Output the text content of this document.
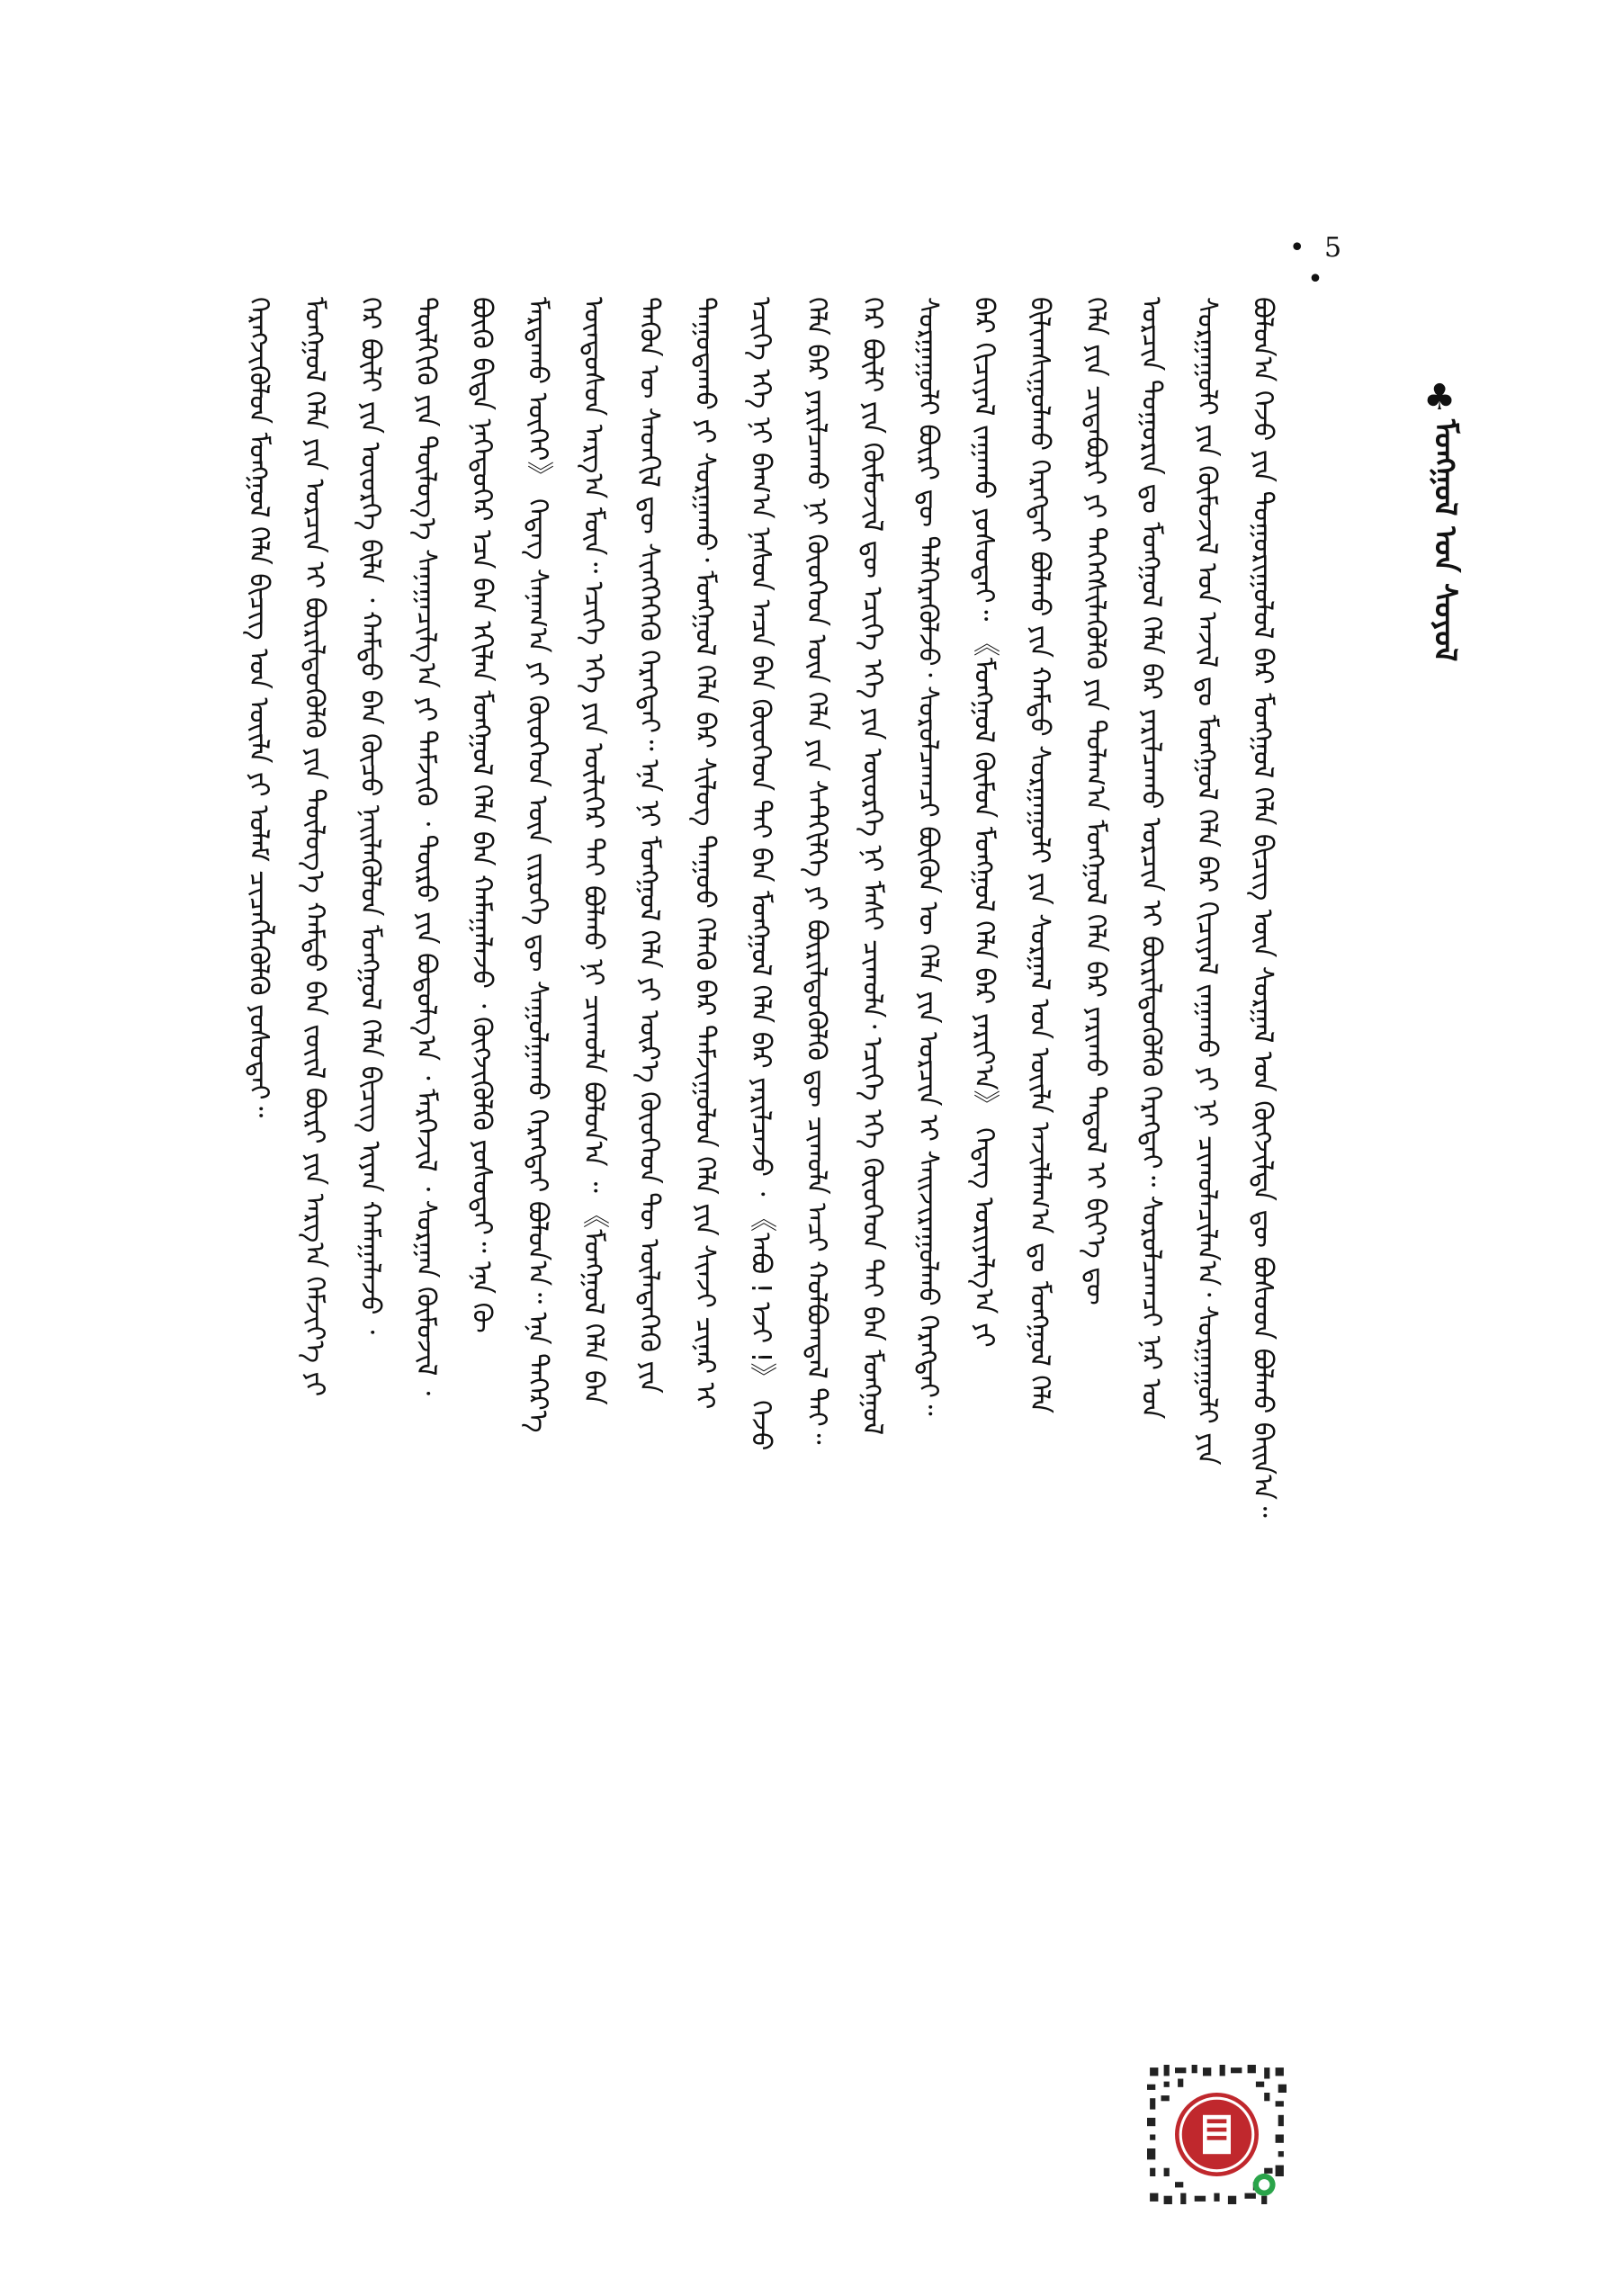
• 5 •
♣
ᠮᠣᠩᠭᠣᠯ ᠤᠨ ᠰᠣᠶᠣᠯ
ᠪᠣᠯᠤᠨ᠎ᠠ ᠭᠡᠵᠦ ᠶᠢᠨ ᠲᠣᠭᠣᠷᠢᠭᠤᠯᠤᠯ ᠪᠠᠷ ᠮᠣᠩᠭᠣᠯ ᠬᠡᠯᠡ ᠪᠢᠴᠢᠭ ᠦᠨ ᠰᠤᠷᠭᠠᠯ ᠤᠨ ᠬᠥᠭᠵᠢᠯᠲᠡ ᠳᠦ ᠪᠤᠰᠤᠳ ᠪᠣᠯᠬᠤ ᠪᠠᠢ᠌ᠨ᠎ᠠ᠃
ᠰᠤᠷᠭᠠᠭᠤᠯᠢ ᠶᠢᠨ ᠬᠦᠮᠦᠵᠢᠯ ᠤᠨ ᠠᠵᠢᠯ ᠳᠤ ᠮᠣᠩᠭᠣᠯ ᠬᠡᠯᠡ ᠪᠡᠷ ᠬᠢᠴᠢᠶᠡᠯ ᠵᠠᠭᠠᠬᠤ ᠶᠢ ᠨᠢ ᠴᠢᠬᠤᠯᠠᠴᠢᠯᠠᠨ᠎ᠠ᠂ ᠰᠤᠷᠭᠠᠭᠤᠯᠢ ᠶᠢᠨ
ᠣᠷᠴᠢᠨ ᠲᠣᠭᠣᠷᠢᠨ ᠳᠤ ᠮᠣᠩᠭᠣᠯ ᠬᠡᠯᠡ ᠪᠡᠷ ᠶᠠᠷᠢᠯᠴᠠᠬᠤ ᠣᠷᠴᠢᠨ ᠢ ᠪᠦᠷᠢᠯᠳᠦᠭᠦᠯᠬᠦ ᠬᠡᠷᠡᠭᠲᠡᠢ᠃ ᠰᠤᠷᠤᠯᠴᠠᠭᠴᠢ ᠨᠠᠷ ᠤᠨ
ᠬᠡᠯᠡ ᠶᠢᠨ ᠴᠢᠳᠠᠪᠤᠷᠢ ᠶᠢ ᠳᠡᠭᠡᠭᠰᠢᠯᠡᠭᠦᠯᠬᠦ ᠶᠢᠨ ᠲᠤᠯᠠᠭ᠎ᠠ ᠮᠣᠩᠭᠣᠯ ᠬᠡᠯᠡ ᠪᠡᠷ ᠶᠠᠷᠢᠬᠤ ᠳᠠᠳᠤᠯ ᠢ ᠪᠢᠶ᠎ᠡ ᠳᠦ
ᠪᠢᠯᠢᠭᠰᠢᠭᠤᠯᠬᠤ ᠬᠡᠷᠡᠭᠲᠡᠢ ᠪᠣᠯᠬᠤ ᠶᠢᠨ ᠬᠠᠮᠲᠤ ᠰᠤᠷᠭᠠᠭᠤᠯᠢ ᠶᠢᠨ ᠰᠤᠷᠭᠠᠯ ᠤᠨ ᠦᠢᠯᠡ ᠠᠵᠢᠯᠯᠠᠭ᠎ᠠ ᠳᠤ ᠮᠣᠩᠭᠣᠯ ᠬᠡᠯᠡ
ᠪᠡᠷ ᠬᠢᠴᠢᠶᠡᠯ ᠵᠠᠭᠠᠬᠤ ᠶᠣᠰᠤᠲᠠᠢ᠃ 《ᠮᠣᠩᠭᠣᠯ ᠬᠦᠮᠦᠨ ᠮᠣᠩᠭᠣᠯ ᠬᠡᠯᠡ ᠪᠡᠷ ᠶᠠᠷᠢᠶ᠎ᠠ》 ᠭᠡᠳᠡᠭ ᠤᠷᠢᠶᠠᠯᠭ᠎ᠠ ᠶᠢ
ᠰᠤᠷᠭᠠᠭᠤᠯᠢ ᠪᠦᠷᠢ ᠳᠦ ᠳᠡᠯᠭᠡᠷᠡᠭᠦᠯᠵᠦ᠂ ᠰᠤᠷᠤᠯᠴᠠᠭᠴᠢ ᠪᠦᠬᠦᠨ ᠦ ᠬᠡᠯᠡ ᠶᠢᠨ ᠣᠷᠴᠢᠨ ᠢ ᠰᠠᠢ᠌ᠵᠢᠷᠠᠭᠤᠯᠬᠤ ᠬᠡᠷᠡᠭᠲᠡᠢ᠃
ᠭᠡᠷ ᠪᠦᠯᠢ ᠶᠢᠨ ᠬᠦᠮᠦᠵᠢᠯ ᠳᠦ ᠡᠴᠢᠭᠡ ᠡᠬᠡ ᠶᠢᠨ ᠦᠦᠷᠭᠡ ᠨᠢ ᠮᠠᠰᠢ ᠴᠢᠬᠤᠯᠠ᠂ ᠡᠴᠢᠭᠡ ᠡᠬᠡ ᠬᠦᠦᠬᠡᠳ ᠲᠡᠢ ᠪᠡᠨ ᠮᠣᠩᠭᠣᠯ
ᠬᠡᠯᠡ ᠪᠡᠷ ᠶᠠᠷᠢᠯᠴᠠᠬᠤ ᠨᠢ ᠬᠦᠦᠬᠡᠳ ᠦᠨ ᠬᠡᠯᠡ ᠶᠢᠨ ᠰᠡᠲᠭᠢᠯᠭᠡ ᠶᠢ ᠪᠦᠷᠢᠯᠳᠦᠭᠦᠯᠬᠦ ᠳᠦ ᠴᠢᠬᠤᠯᠠ ᠠᠴᠢ ᠬᠣᠯᠪᠣᠭᠳᠠᠯ ᠲᠠᠢ᠃
ᠡᠴᠢᠭᠡ ᠡᠬᠡ ᠨᠢ ᠪᠠᠭ᠎ᠠ ᠨᠠᠰᠤᠨ ᠠᠴᠠ ᠪᠡᠨ ᠬᠦᠦᠬᠡᠳ ᠲᠡᠢ ᠪᠡᠨ ᠮᠣᠩᠭᠣᠯ ᠬᠡᠯᠡ ᠪᠡᠷ ᠶᠠᠷᠢᠯᠴᠠᠵᠤ ᠂ 《ᠠᠪᠤ ! ᠡᠵᠢ !》 ᠭᠡᠵᠦ
ᠳᠠᠭᠤᠳᠠᠬᠤ ᠶᠢ ᠰᠤᠷᠭᠠᠬᠤ᠂ ᠮᠣᠩᠭᠣᠯ ᠬᠡᠯᠡ ᠪᠡᠷ ᠰᠢᠯᠦᠭ ᠳᠠᠭᠤᠤ ᠬᠡᠯᠡᠬᠦ ᠪᠡᠷ ᠳᠠᠮᠵᠢᠭᠤᠯᠤᠨ ᠬᠡᠯᠡ ᠶᠢᠨ ᠰᠢᠨᠵᠢ ᠴᠢᠨᠠᠷ ᠢ
ᠲᠡᠭᠦᠨ ᠦ ᠰᠡᠳᠭᠢᠯ ᠳᠦ ᠰᠢᠩᠭᠡᠭᠡᠬᠦ ᠬᠡᠷᠡᠭᠲᠡᠢ᠃ ᠡᠨᠡ ᠨᠢ ᠮᠣᠩᠭᠣᠯ ᠬᠡᠯᠡ ᠶᠢ ᠦᠷ᠎ᠡ ᠬᠦᠦᠬᠡᠳ ᠲᠦ ᠦᠯᠡᠳᠡᠭᠡᠬᠦ ᠶᠢᠨ
ᠦᠨᠳᠦᠰᠦᠨ ᠠᠷᠭ᠎ᠠ ᠮᠥᠨ᠃ ᠡᠴᠢᠭᠡ ᠡᠬᠡ ᠶᠢᠨ ᠦᠯᠢᠭᠡᠷ ᠲᠡᠢ ᠪᠣᠯᠬᠤ ᠨᠢ ᠴᠢᠬᠤᠯᠠ ᠪᠣᠯᠤᠨ᠎ᠠ ᠃ 《ᠮᠣᠩᠭᠣᠯ ᠬᠡᠯᠡ ᠪᠡᠨ
ᠮᠠᠷᠳᠠᠬᠤ ᠦᠭᠡᠢ》 ᠭᠡᠳᠡᠭ ᠰᠠᠨᠠᠭ᠎ᠠ ᠶᠢ ᠬᠦᠦᠬᠡᠳ ᠦᠨ ᠵᠢᠷᠦᠬᠡ ᠳᠦ ᠰᠠᠭᠤᠯᠭᠠᠬᠤ ᠬᠡᠷᠡᠭᠲᠡᠢ ᠪᠣᠯᠤᠨ᠎ᠠ᠃ ᠡᠨᠡ ᠳᠡᠭᠡᠷ᠎ᠡ
ᠪᠦᠬᠦ ᠪᠢᠳᠡ ᠨᠡᠭᠡᠳᠦᠭᠡᠷ ᠡᠴᠡ ᠪᠡᠨ ᠡᠬᠢᠯᠡᠨ ᠮᠣᠩᠭᠣᠯ ᠬᠡᠯᠡ ᠪᠡᠨ ᠬᠠᠮᠠᠭᠠᠯᠠᠵᠤ ᠂ ᠬᠥᠭᠵᠢᠭᠦᠯᠬᠦ ᠶᠣᠰᠤᠲᠠᠢ᠃ ᠡᠨᠡ ᠬᠦ
ᠲᠦᠯᠬᠢᠬᠦ ᠶᠢᠨ ᠲᠥᠯᠥᠭ᠎ᠡ ᠰᠠᠨᠠᠭᠠᠴᠢᠯᠭ᠎ᠠ ᠶᠢ ᠳᠡᠮᠵᠢᠬᠦ ᠂ ᠲᠥᠷᠥ ᠶᠢᠨ ᠪᠣᠳᠣᠯᠭ᠎ᠠ ᠂ ᠮᠡᠷᠭᠡᠵᠢᠯ ᠂ ᠰᠤᠷᠭᠠᠨ ᠬᠥᠮᠦᠵᠢᠯ ᠂
ᠭᠡᠷ ᠪᠦᠯᠢ ᠶᠢᠨ ᠦᠦᠷᠭᠡ ᠪᠢᠯᠡ ᠂ ᠬᠠᠮᠲᠤ ᠪᠡᠨ ᠬᠦᠴᠦ ᠨᠡᠢ᠌ᠯᠡᠭᠦᠯᠦᠨ ᠮᠣᠩᠭᠣᠯ ᠬᠡᠯᠡ ᠪᠢᠴᠢᠭ ᠢᠶᠡᠨ ᠬᠠᠮᠠᠭᠠᠯᠠᠵᠤ ᠂
ᠮᠣᠩᠭᠣᠯ ᠬᠡᠯᠡ ᠶᠢᠨ ᠣᠷᠴᠢᠨ ᠢ ᠪᠦᠷᠢᠯᠳᠦᠭᠦᠯᠬᠦ ᠶᠢᠨ ᠲᠥᠯᠥᠭ᠎ᠡ ᠬᠠᠮᠲᠤ ᠪᠡᠨ ᠵᠦᠢᠯ ᠪᠦᠷᠢ ᠶᠢᠨ ᠠᠷᠭ᠎ᠠ ᠬᠡᠮᠵᠢᠶ᠎ᠡ ᠶᠢ
ᠬᠡᠷᠡᠭᠵᠢᠭᠦᠯᠦᠨ ᠮᠣᠩᠭᠣᠯ ᠬᠡᠯᠡ ᠪᠢᠴᠢᠭ ᠤᠨ ᠦᠢᠯᠡ ᠶᠢ ᠤᠯᠠᠮ ᠴᠢᠴᠡᠭᠯᠡᠭᠦᠯᠬᠦ ᠶᠣᠰᠤᠲᠠᠢ᠃
